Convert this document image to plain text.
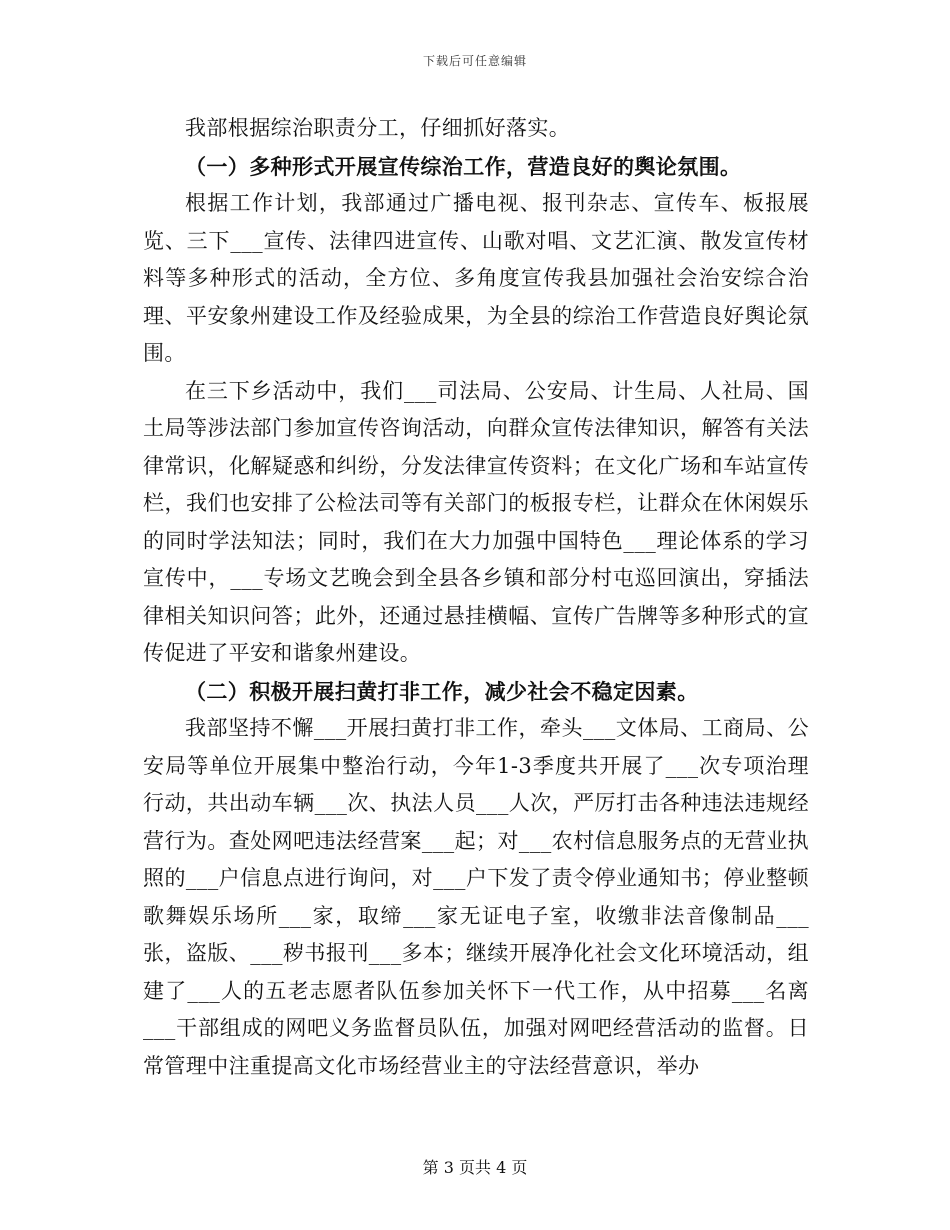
下载后可任意编辑

我部根据综治职责分工，仔细抓好落实。

（一）多种形式开展宣传综治工作，营造良好的舆论氛围。

根据工作计划，我部通过广播电视、报刊杂志、宣传车、板报展览、三下___宣传、法律四进宣传、山歌对唱、文艺汇演、散发宣传材料等多种形式的活动，全方位、多角度宣传我县加强社会治安综合治理、平安象州建设工作及经验成果，为全县的综治工作营造良好舆论氛围。

在三下乡活动中，我们___司法局、公安局、计生局、人社局、国土局等涉法部门参加宣传咨询活动，向群众宣传法律知识，解答有关法律常识，化解疑惑和纠纷，分发法律宣传资料；在文化广场和车站宣传栏，我们也安排了公检法司等有关部门的板报专栏，让群众在休闲娱乐的同时学法知法；同时，我们在大力加强中国特色___理论体系的学习宣传中，___专场文艺晚会到全县各乡镇和部分村屯巡回演出，穿插法律相关知识问答；此外，还通过悬挂横幅、宣传广告牌等多种形式的宣传促进了平安和谐象州建设。

（二）积极开展扫黄打非工作，减少社会不稳定因素。

我部坚持不懈___开展扫黄打非工作，牵头___文体局、工商局、公安局等单位开展集中整治行动，今年1-3季度共开展了___次专项治理行动，共出动车辆___次、执法人员___人次，严厉打击各种违法违规经营行为。查处网吧违法经营案___起；对___农村信息服务点的无营业执照的___户信息点进行询问，对___户下发了责令停业通知书；停业整顿歌舞娱乐场所___家，取缔___家无证电子室，收缴非法音像制品___张，盗版、___秽书报刊___多本；继续开展净化社会文化环境活动，组建了___人的五老志愿者队伍参加关怀下一代工作，从中招募___名离___干部组成的网吧义务监督员队伍，加强对网吧经营活动的监督。日常管理中注重提高文化市场经营业主的守法经营意识，举办

第 3 页共 4 页
